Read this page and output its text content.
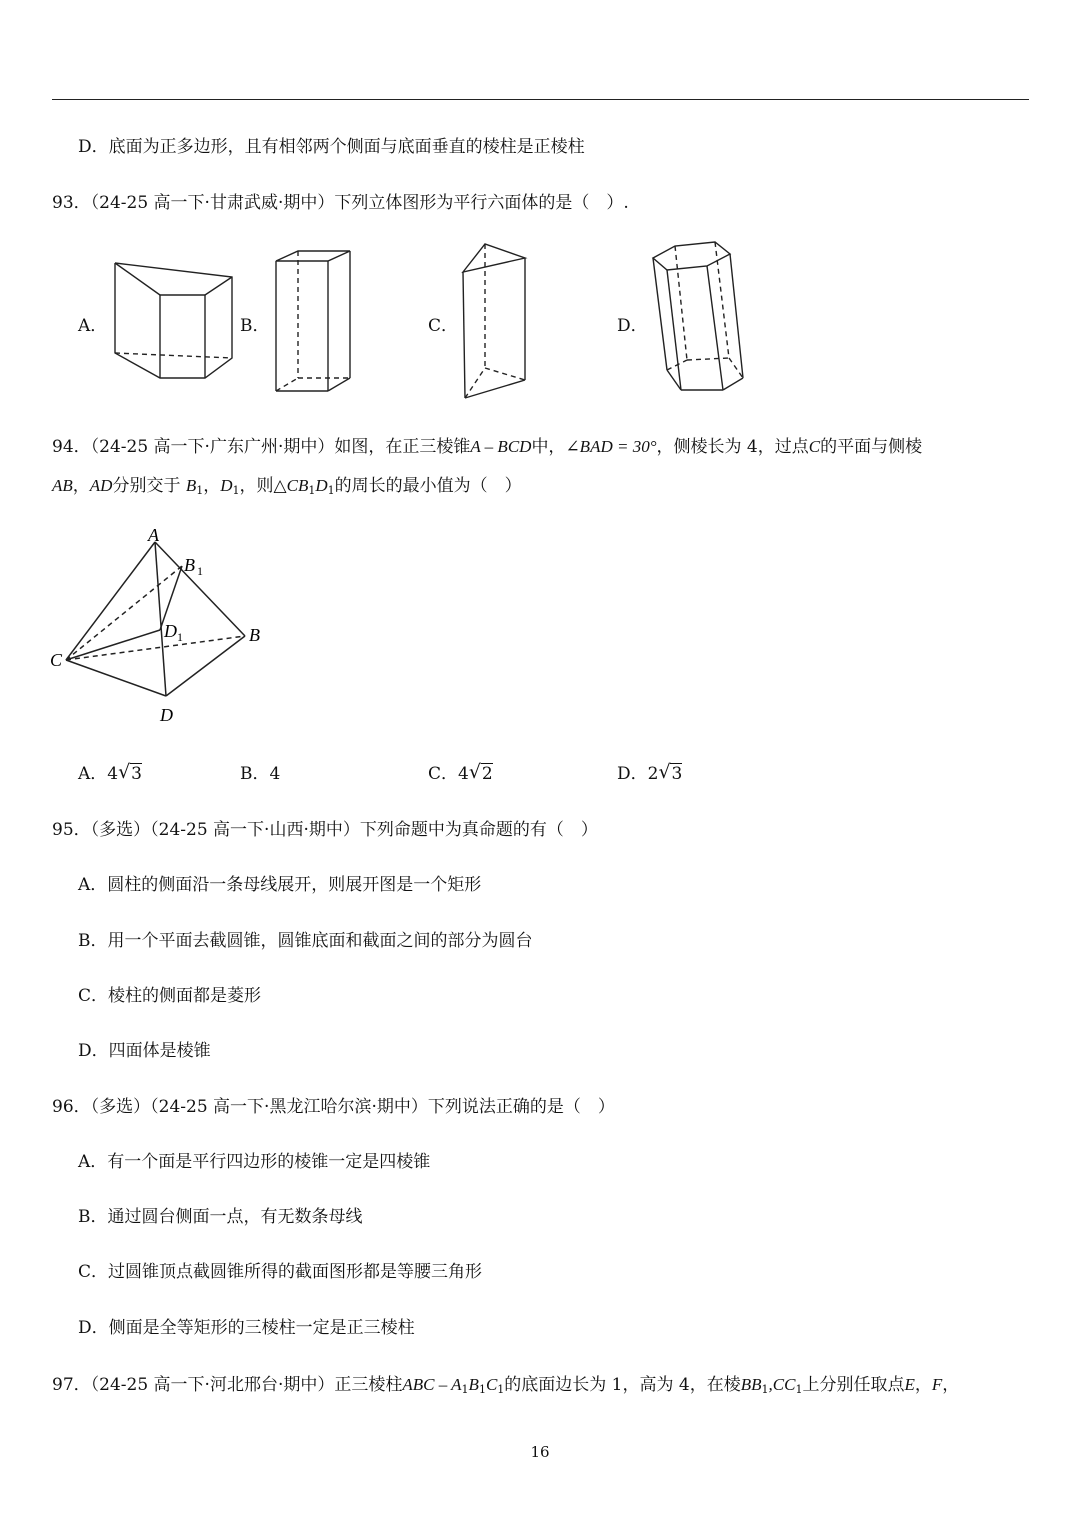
D．底面为正多边形，且有相邻两个侧面与底面垂直的棱柱是正棱柱
93．（24-25 高一下·甘肃武威·期中）下列立体图形为平行六面体的是（　）.
A．	B．	C．	D．
94．（24-25 高一下·广东广州·期中）如图，在正三棱锥A – BCD中，∠BAD = 30°，侧棱长为 4，过点C的平面与侧棱
AB，AD分别交于 $B_1$，$D_1$，则$\triangle CB_1D_1$的周长的最小值为（　）
A
B 1
D 1	B
C
D
A．4 √ 3	B．4	C．4 √ 2	D．2 √ 3
95．（多选）（24-25 高一下·山西·期中）下列命题中为真命题的有（　）
A．圆柱的侧面沿一条母线展开，则展开图是一个矩形
B．用一个平面去截圆锥，圆锥底面和截面之间的部分为圆台
C．棱柱的侧面都是菱形
D．四面体是棱锥
96．（多选）（24-25 高一下·黑龙江哈尔滨·期中）下列说法正确的是（　）
A．有一个面是平行四边形的棱锥一定是四棱锥
B．通过圆台侧面一点，有无数条母线
C．过圆锥顶点截圆锥所得的截面图形都是等腰三角形
D．侧面是全等矩形的三棱柱一定是正三棱柱
97．（24-25 高一下·河北邢台·期中）正三棱柱ABC – $A_1B_1C_1$的底面边长为 1，高为 4，在棱$BB_1,CC_1$上分别任取点E，F，
16
